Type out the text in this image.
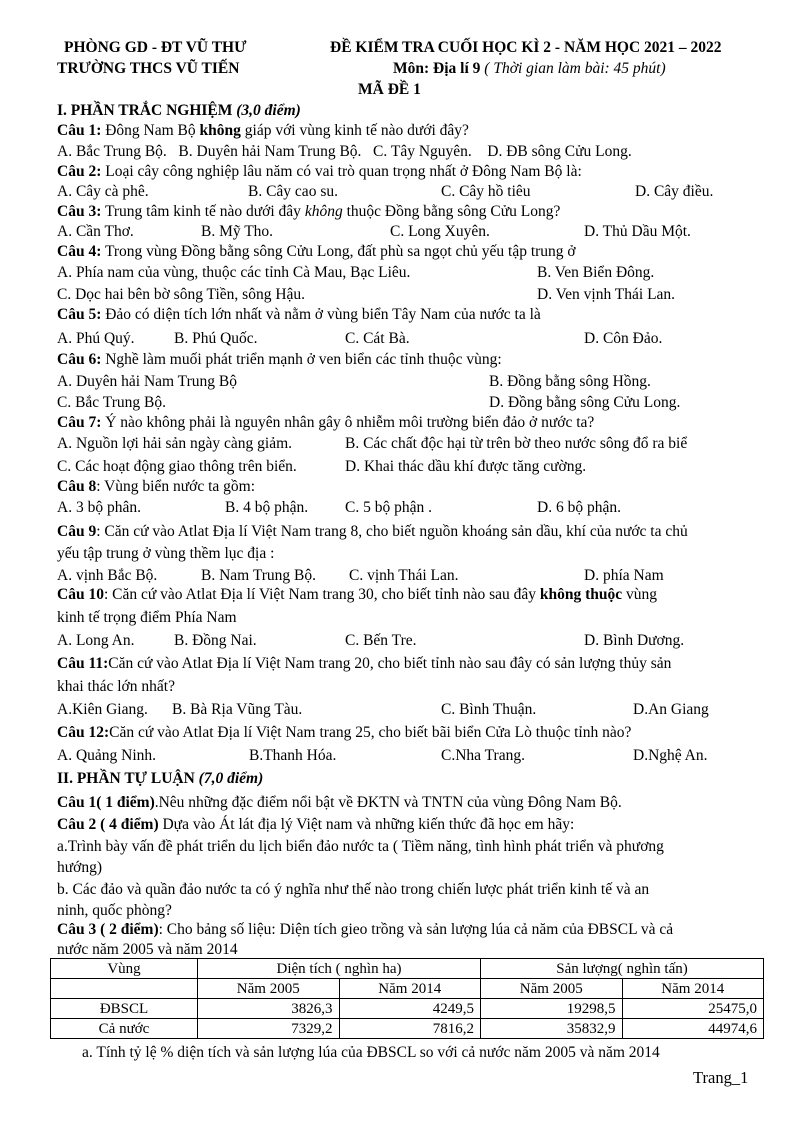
PHÒNG GD - ĐT VŨ THƯ
TRƯỜNG THCS VŨ TIẾN
ĐỀ KIỂM TRA CUỐI HỌC KÌ 2 - NĂM HỌC 2021 – 2022
Môn: Địa lí 9 ( Thời gian làm bài: 45 phút)
MÃ ĐỀ 1
I. PHẦN TRẮC NGHIỆM (3,0 điểm)
Câu 1: Đông Nam Bộ không giáp với vùng kinh tế nào dưới đây?
A. Bắc Trung Bộ.   B. Duyên hải Nam Trung Bộ.   C. Tây Nguyên.    D. ĐB sông Cửu Long.
Câu 2: Loại cây công nghiệp lâu năm có vai trò quan trọng nhất ở Đông Nam Bộ là:
A. Cây cà phê.	B. Cây cao su.	C. Cây hồ tiêu	D. Cây điều.
Câu 3: Trung tâm kinh tế nào dưới đây không thuộc Đồng bằng sông Cửu Long?
A. Cần Thơ.	B. Mỹ Tho.	C. Long Xuyên.	D. Thủ Dầu Một.
Câu 4: Trong vùng Đồng bằng sông Cửu Long, đất phù sa ngọt chủ yếu tập trung ở
A. Phía nam của vùng, thuộc các tỉnh Cà Mau, Bạc Liêu.	B. Ven Biển Đông.
C. Dọc hai bên bờ sông Tiền, sông Hậu.	D. Ven vịnh Thái Lan.
Câu 5: Đảo có diện tích lớn nhất và nằm ở vùng biển Tây Nam của nước ta là
A. Phú Quý.	B. Phú Quốc.	C. Cát Bà.	D. Côn Đảo.
Câu 6: Nghề làm muối phát triển mạnh ở ven biển các tỉnh thuộc vùng:
A. Duyên hải Nam Trung Bộ	B. Đồng bằng sông Hồng.
C. Bắc Trung Bộ.	D. Đồng bằng sông Cửu Long.
Câu 7: Ý nào không phải là nguyên nhân gây ô nhiễm môi trường biển đảo ở nước ta?
A. Nguồn lợi hải sản ngày càng giảm.	B. Các chất độc hại từ trên bờ theo nước sông đổ ra biể
C. Các hoạt động giao thông trên biển.	D. Khai thác dầu khí được tăng cường.
Câu 8: Vùng biển nước ta gồm:
A. 3 bộ phân.	B. 4 bộ phận. C. 5 bộ phận .	D. 6 bộ phận.
Câu 9: Căn cứ vào Atlat Địa lí Việt Nam trang 8, cho biết nguồn khoáng sản dầu, khí của nước ta chủ
yếu tập trung ở vùng thềm lục địa :
A. vịnh Bắc Bộ.	B. Nam Trung Bộ. C. vịnh Thái Lan.	D. phía Nam
Câu 10: Căn cứ vào Atlat Địa lí Việt Nam trang 30, cho biết tỉnh nào sau đây không thuộc vùng
kinh tế trọng điểm Phía Nam
A. Long An.	B. Đồng Nai.	C. Bến Tre.	D. Bình Dương.
Câu 11:Căn cứ vào Atlat Địa lí Việt Nam trang 20, cho biết tỉnh nào sau đây có sản lượng thủy sản
khai thác lớn nhất?
A.Kiên Giang. B. Bà Rịa Vũng Tàu.	C. Bình Thuận.	D.An Giang
Câu 12:Căn cứ vào Atlat Địa lí Việt Nam trang 25, cho biết bãi biển Cửa Lò thuộc tỉnh nào?
A. Quảng Ninh.	B.Thanh Hóa.	C.Nha Trang.	D.Nghệ An.
II. PHẦN TỰ LUẬN (7,0 điểm)
Câu 1( 1 điểm).Nêu những đặc điểm nổi bật về ĐKTN và TNTN của vùng Đông Nam Bộ.
Câu 2 ( 4 điểm) Dựa vào Át lát địa lý Việt nam và những kiến thức đã học em hãy:
a.Trình bày vấn đề phát triển du lịch biển đảo nước ta ( Tiềm năng, tình hình phát triển và phương
hướng)
b. Các đảo và quần đảo nước ta có ý nghĩa như thế nào trong chiến lược phát triển kinh tế và an
ninh, quốc phòng?
Câu 3 ( 2 điểm): Cho bảng số liệu: Diện tích gieo trồng và sản lượng lúa cả năm của ĐBSCL và cả
nước năm 2005 và năm 2014
Vùng	Diện tích ( nghìn ha)		Sản lượng( nghìn tấn)	
	Năm 2005	Năm 2014	Năm 2005	Năm 2014
ĐBSCL	3826,3	4249,5	19298,5	25475,0
Cả nước	7329,2	7816,2	35832,9	44974,6
a. Tính tỷ lệ % diện tích và sản lượng lúa của ĐBSCL so với cả nước năm 2005 và năm 2014
Trang_1
